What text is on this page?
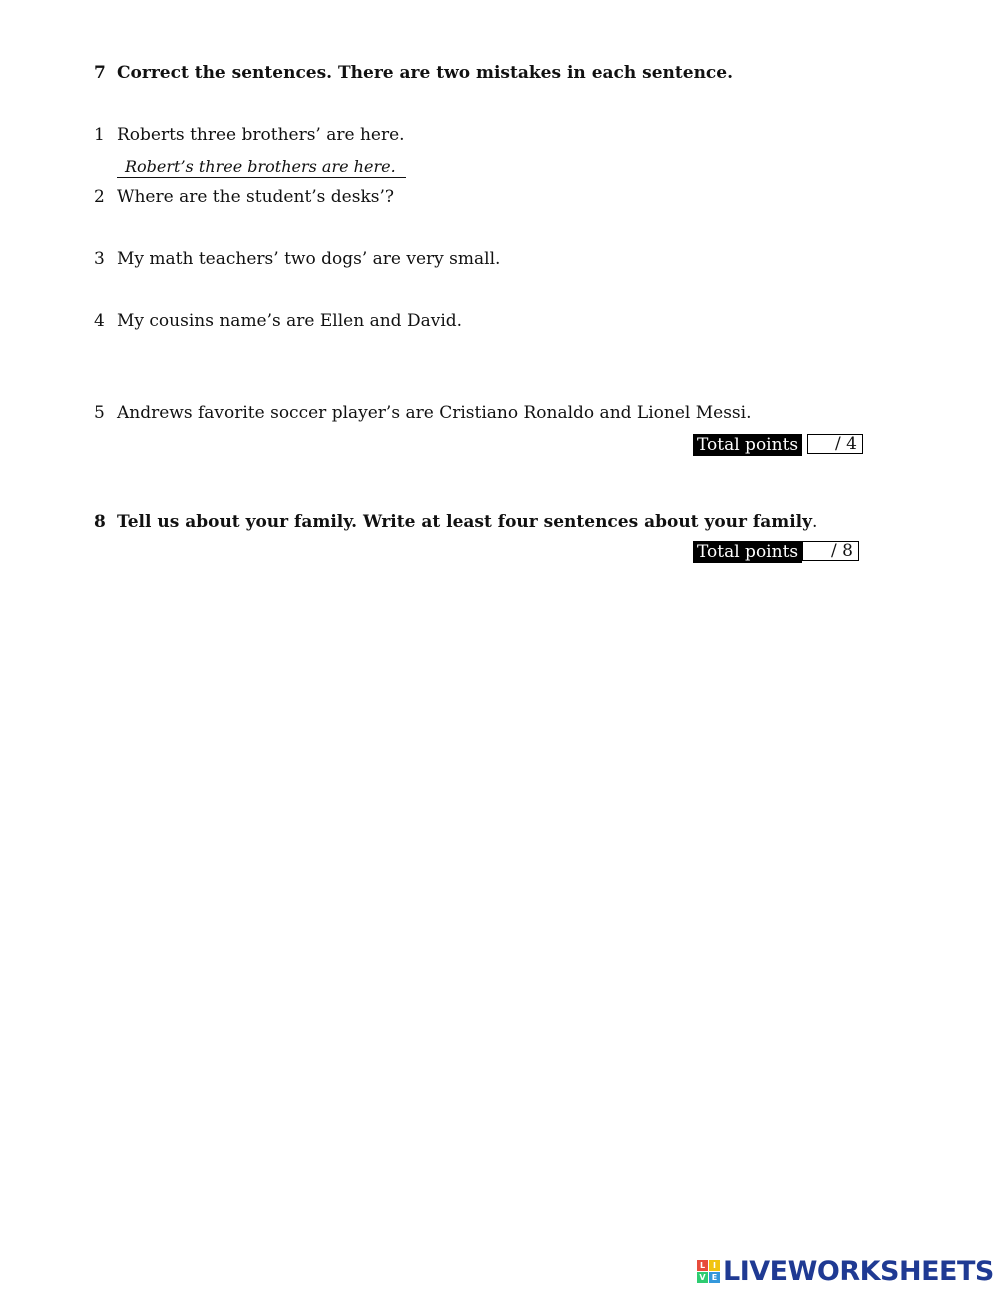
7 Correct the sentences. There are two mistakes in each sentence.
1 Roberts three brothers’ are here.
Robert’s three brothers are here.
2 Where are the student’s desks’?
3 My math teachers’ two dogs’ are very small.
4 My cousins name’s are Ellen and David.
5 Andrews favorite soccer player’s are Cristiano Ronaldo and Lionel Messi.
Total points	/ 4
8 Tell us about your family. Write at least four sentences about your family.
Total points	/ 8
L I
V E LIVEWORKSHEETS
